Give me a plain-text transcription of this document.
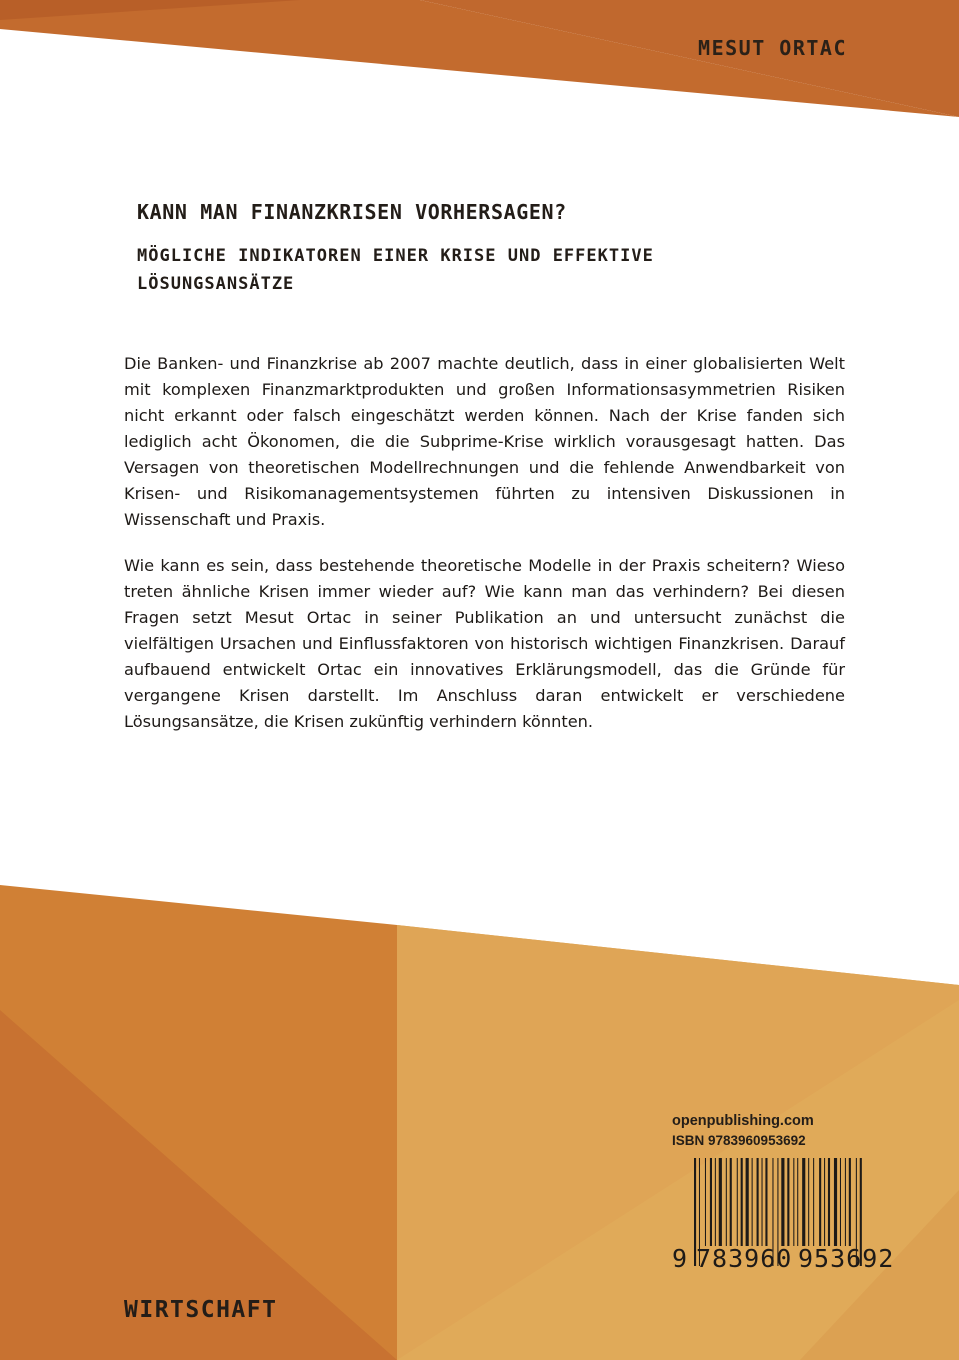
MESUT ORTAC

KANN MAN FINANZKRISEN VORHERSAGEN?
MÖGLICHE INDIKATOREN EINER KRISE UND EFFEKTIVE LÖSUNGSANSÄTZE

Die Banken- und Finanzkrise ab 2007 machte deutlich, dass in einer globalisierten Welt mit komplexen Finanzmarktprodukten und großen Informationsasymmetrien Risiken nicht erkannt oder falsch eingeschätzt werden können. Nach der Krise fanden sich lediglich acht Ökonomen, die die Subprime-Krise wirklich vorausgesagt hatten. Das Versagen von theoretischen Modellrechnungen und die fehlende Anwendbarkeit von Krisen- und Risikomanagementsystemen führten zu intensiven Diskussionen in Wissenschaft und Praxis.

Wie kann es sein, dass bestehende theoretische Modelle in der Praxis scheitern? Wieso treten ähnliche Krisen immer wieder auf? Wie kann man das verhindern? Bei diesen Fragen setzt Mesut Ortac in seiner Publikation an und untersucht zunächst die vielfältigen Ursachen und Einflussfaktoren von historisch wichtigen Finanzkrisen. Darauf aufbauend entwickelt Ortac ein innovatives Erklärungsmodell, das die Gründe für vergangene Krisen darstellt. Im Anschluss daran entwickelt er verschiedene Lösungsansätze, die Krisen zukünftig verhindern könnten.

openpublishing.com

ISBN 9783960953692

9 783960 953692

WIRTSCHAFT
